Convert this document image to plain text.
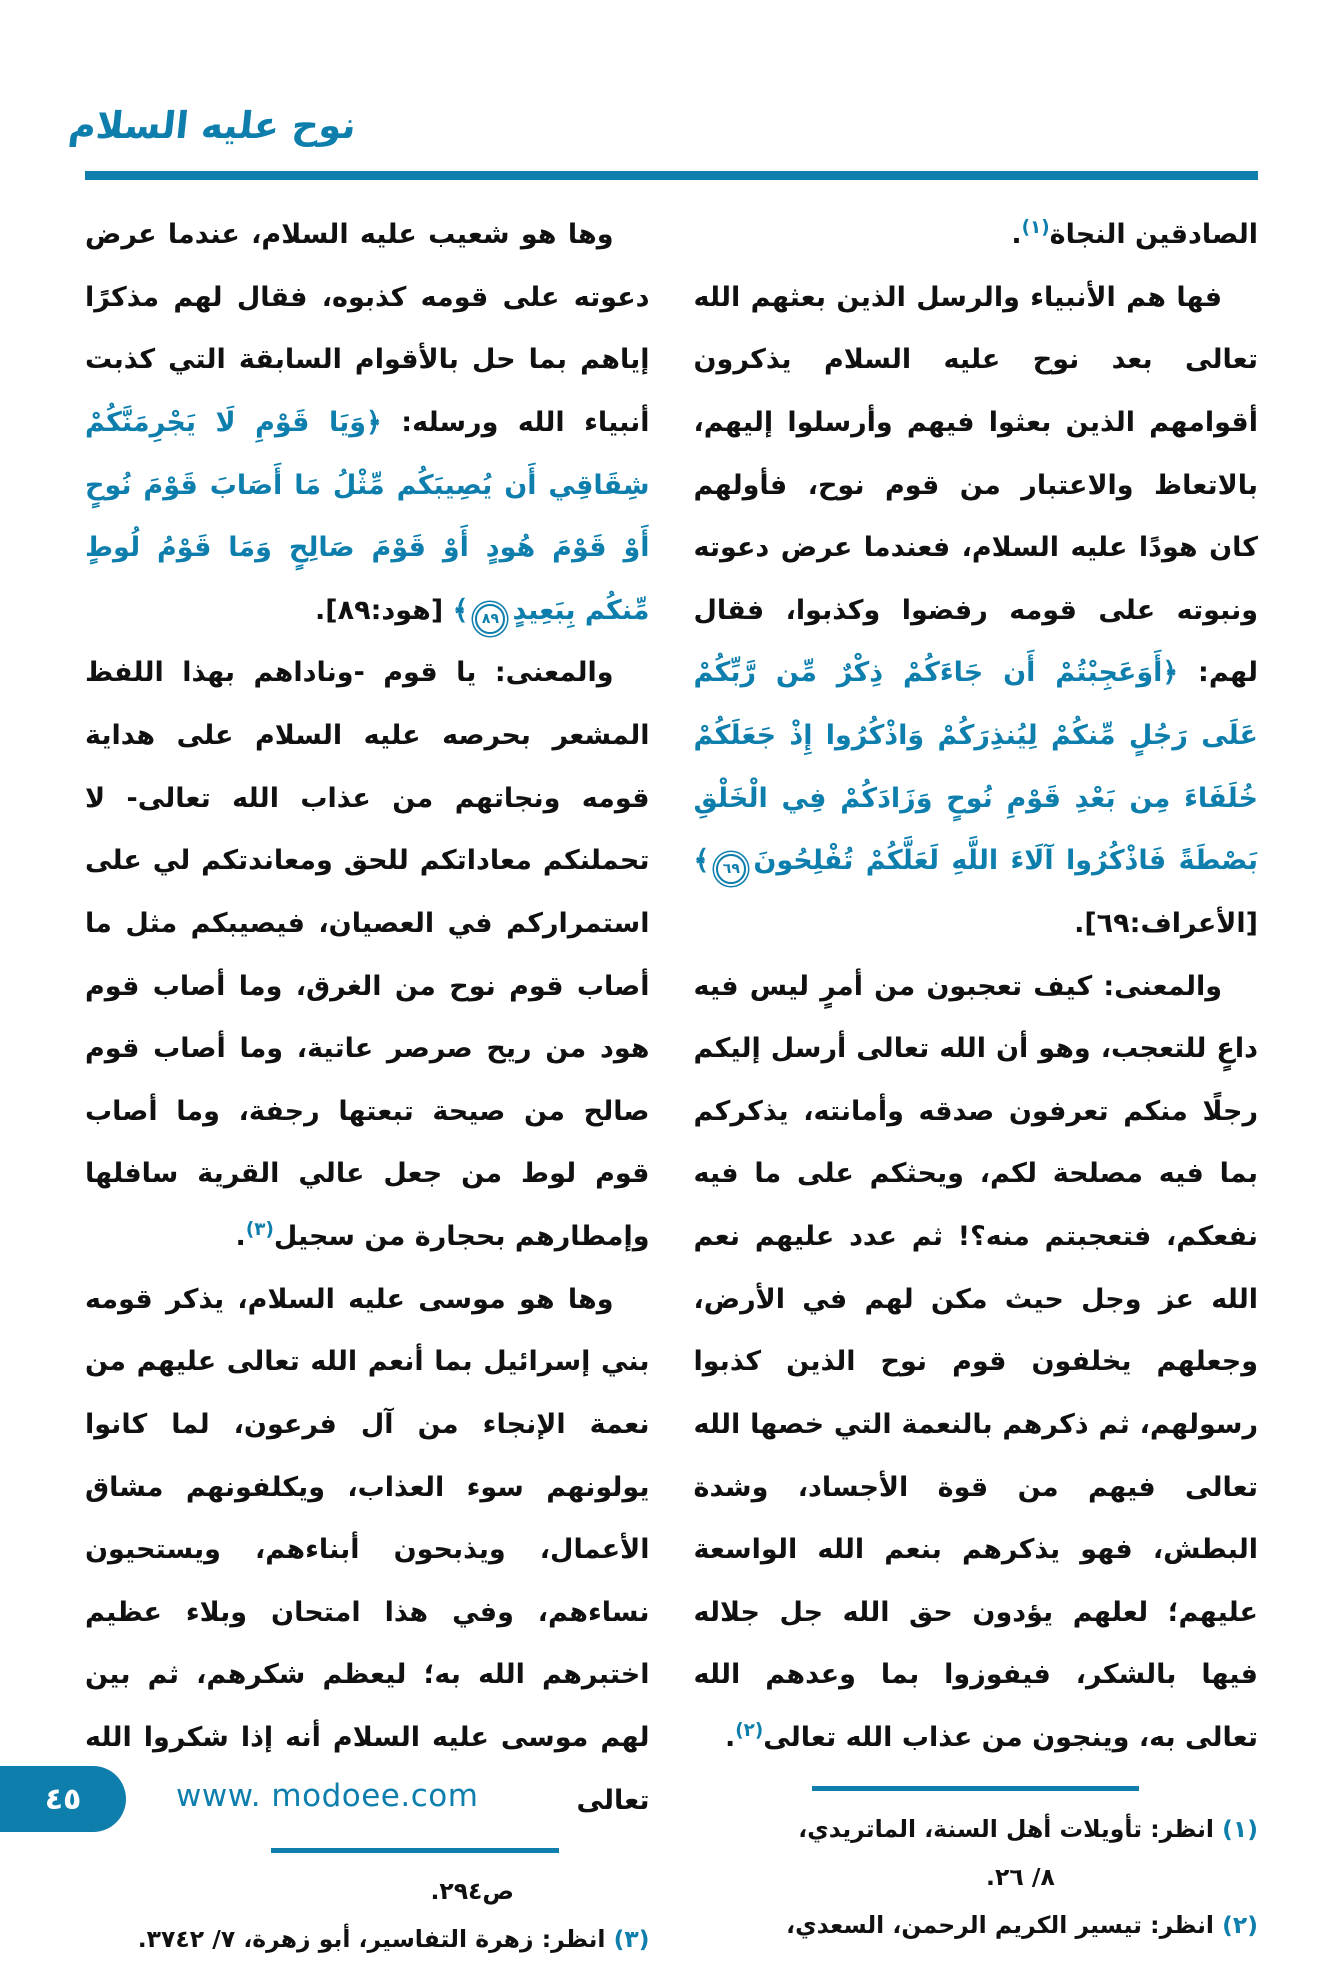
نوح عليه السلام
الصادقين النجاة$^{(١)}$.
فها هم الأنبياء والرسل الذين بعثهم الله تعالى بعد نوح عليه السلام يذكرون أقوامهم الذين بعثوا فيهم وأرسلوا إليهم، بالاتعاظ والاعتبار من قوم نوح، فأولهم كان هودًا عليه السلام، فعندما عرض دعوته ونبوته على قومه رفضوا وكذبوا، فقال لهم: ﴿أَوَعَجِبْتُمْ أَن جَاءَكُمْ ذِكْرٌ مِّن رَّبِّكُمْ عَلَى رَجُلٍ مِّنكُمْ لِيُنذِرَكُمْ وَاذْكُرُوا إِذْ جَعَلَكُمْ خُلَفَاءَ مِن بَعْدِ قَوْمِ نُوحٍ وَزَادَكُمْ فِي الْخَلْقِ بَصْطَةً فَاذْكُرُوا آلَاءَ اللَّهِ لَعَلَّكُمْ تُفْلِحُونَ٦٩﴾ [الأعراف:٦٩].
والمعنى: كيف تعجبون من أمرٍ ليس فيه داعٍ للتعجب، وهو أن الله تعالى أرسل إليكم رجلًا منكم تعرفون صدقه وأمانته، يذكركم بما فيه مصلحة لكم، ويحثكم على ما فيه نفعكم، فتعجبتم منه؟! ثم عدد عليهم نعم الله عز وجل حيث مكن لهم في الأرض، وجعلهم يخلفون قوم نوح الذين كذبوا رسولهم، ثم ذكرهم بالنعمة التي خصها الله تعالى فيهم من قوة الأجساد، وشدة البطش، فهو يذكرهم بنعم الله الواسعة عليهم؛ لعلهم يؤدون حق الله جل جلاله فيها بالشكر، فيفوزوا بما وعدهم الله تعالى به، وينجون من عذاب الله تعالى$^{(٢)}$.
(١) انظر: تأويلات أهل السنة، الماتريدي،
٨/ ٢٦.
(٢) انظر: تيسير الكريم الرحمن، السعدي،
وها هو شعيب عليه السلام، عندما عرض دعوته على قومه كذبوه، فقال لهم مذكرًا إياهم بما حل بالأقوام السابقة التي كذبت أنبياء الله ورسله: ﴿وَيَا قَوْمِ لَا يَجْرِمَنَّكُمْ شِقَاقِي أَن يُصِيبَكُم مِّثْلُ مَا أَصَابَ قَوْمَ نُوحٍ أَوْ قَوْمَ هُودٍ أَوْ قَوْمَ صَالِحٍ وَمَا قَوْمُ لُوطٍ مِّنكُم بِبَعِيدٍ٨٩﴾ [هود:٨٩].
والمعنى: يا قوم -وناداهم بهذا اللفظ المشعر بحرصه عليه السلام على هداية قومه ونجاتهم من عذاب الله تعالى- لا تحملنكم معاداتكم للحق ومعاندتكم لي على استمراركم في العصيان، فيصيبكم مثل ما أصاب قوم نوح من الغرق، وما أصاب قوم هود من ريح صرصر عاتية، وما أصاب قوم صالح من صيحة تبعتها رجفة، وما أصاب قوم لوط من جعل عالي القرية سافلها وإمطارهم بحجارة من سجيل$^{(٣)}$.
وها هو موسى عليه السلام، يذكر قومه بني إسرائيل بما أنعم الله تعالى عليهم من نعمة الإنجاء من آل فرعون، لما كانوا يولونهم سوء العذاب، ويكلفونهم مشاق الأعمال، ويذبحون أبناءهم، ويستحيون نساءهم، وفي هذا امتحان وبلاء عظيم اختبرهم الله به؛ ليعظم شكرهم، ثم بين لهم موسى عليه السلام أنه إذا شكروا الله تعالى
ص٢٩٤.
(٣) انظر: زهرة التفاسير، أبو زهرة، ٧/ ٣٧٤٢.
٤٥	www. modoee.com
